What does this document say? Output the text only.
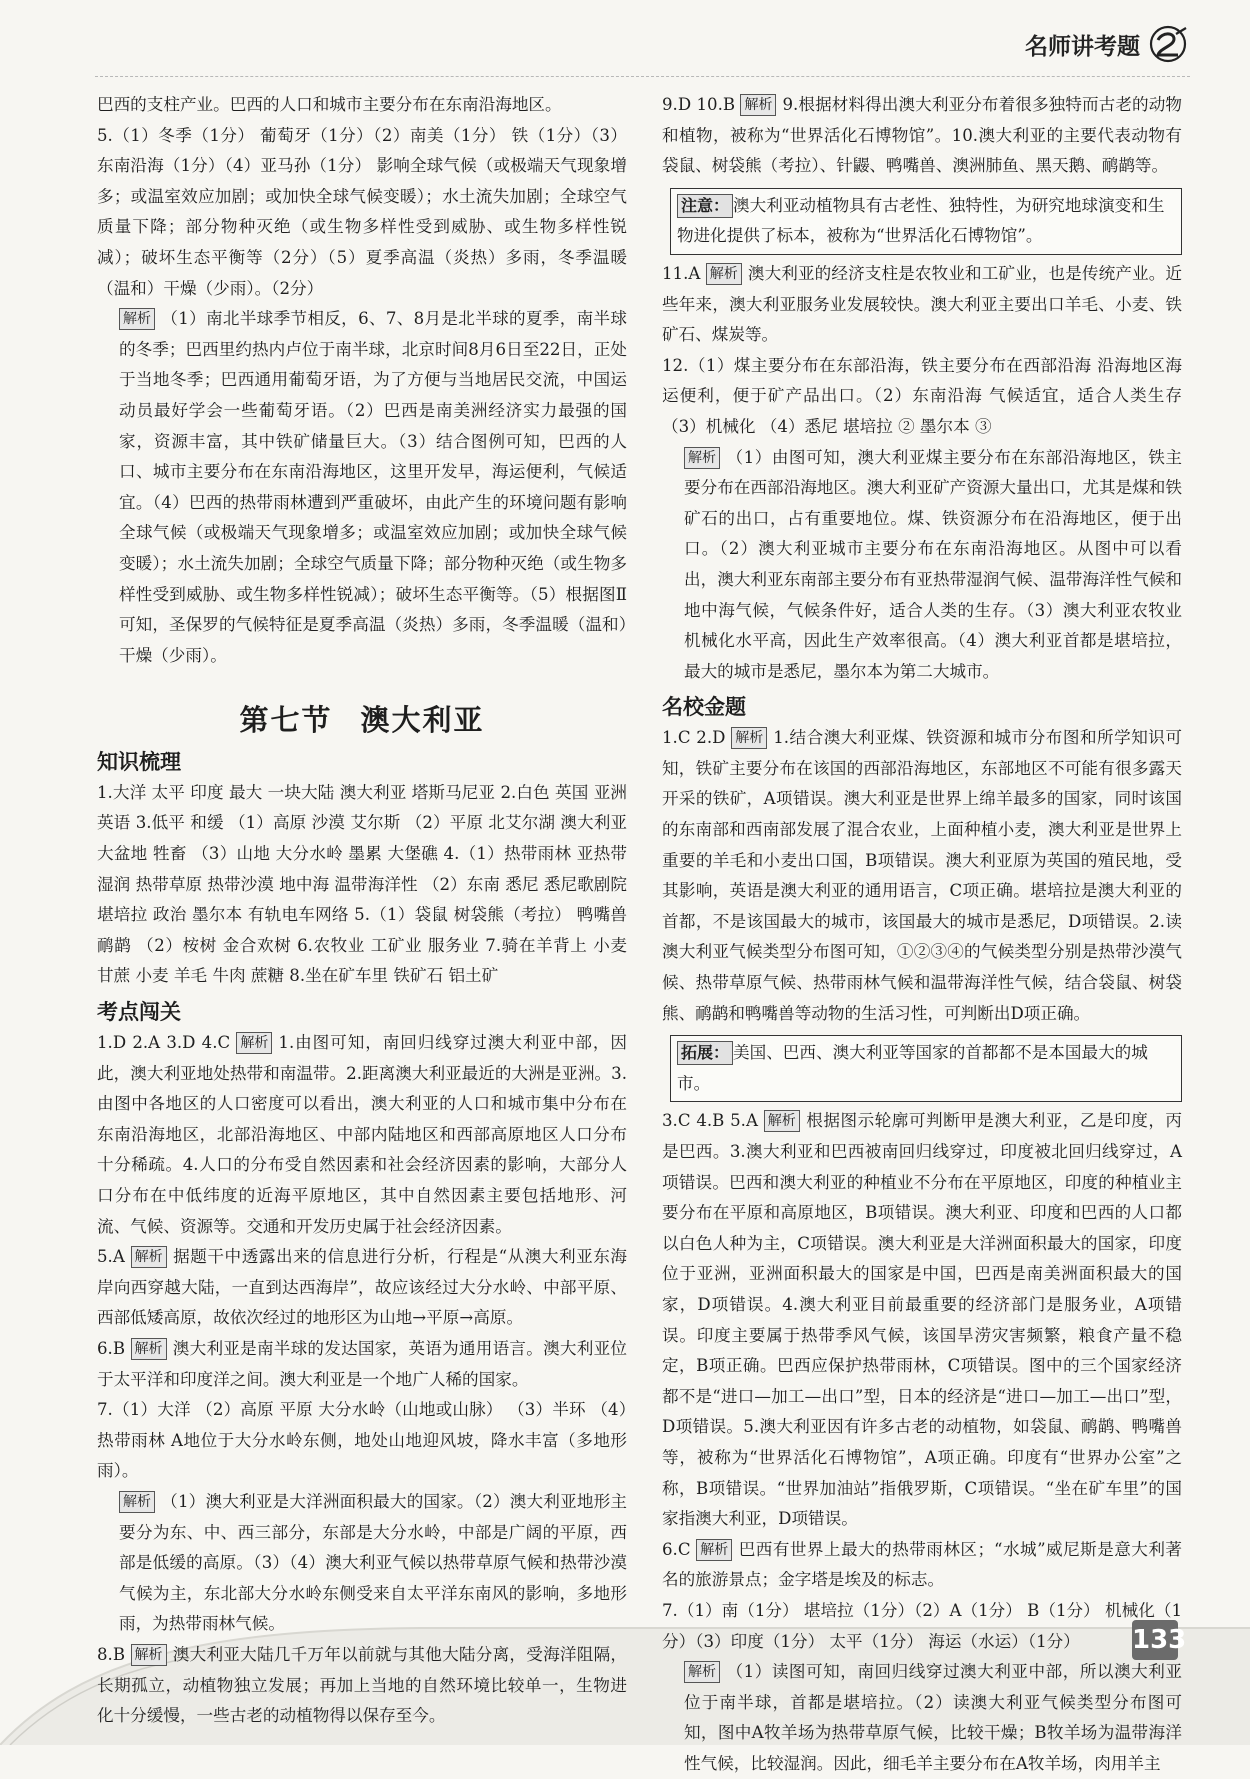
名师讲考题

巴西的支柱产业。巴西的人口和城市主要分布在东南沿海地区。

5.（1）冬季（1分） 葡萄牙（1分）（2）南美（1分） 铁（1分）（3）东南沿海（1分）（4）亚马孙（1分） 影响全球气候（或极端天气现象增多；或温室效应加剧；或加快全球气候变暖）；水土流失加剧；全球空气质量下降；部分物种灭绝（或生物多样性受到威胁、或生物多样性锐减）；破坏生态平衡等（2分）（5）夏季高温（炎热）多雨，冬季温暖（温和）干燥（少雨）。（2分）

解析 （1）南北半球季节相反，6、7、8月是北半球的夏季，南半球的冬季；巴西里约热内卢位于南半球，北京时间8月6日至22日，正处于当地冬季；巴西通用葡萄牙语，为了方便与当地居民交流，中国运动员最好学会一些葡萄牙语。（2）巴西是南美洲经济实力最强的国家，资源丰富，其中铁矿储量巨大。（3）结合图例可知，巴西的人口、城市主要分布在东南沿海地区，这里开发早，海运便利，气候适宜。（4）巴西的热带雨林遭到严重破坏，由此产生的环境问题有影响全球气候（或极端天气现象增多；或温室效应加剧；或加快全球气候变暖）；水土流失加剧；全球空气质量下降；部分物种灭绝（或生物多样性受到威胁、或生物多样性锐减）；破坏生态平衡等。（5）根据图Ⅱ可知，圣保罗的气候特征是夏季高温（炎热）多雨，冬季温暖（温和）干燥（少雨）。

第七节 澳大利亚
知识梳理

1.大洋 太平 印度 最大 一块大陆 澳大利亚 塔斯马尼亚 2.白色 英国 亚洲 英语 3.低平 和缓 （1）高原 沙漠 艾尔斯 （2）平原 北艾尔湖 澳大利亚大盆地 牲畜 （3）山地 大分水岭 墨累 大堡礁 4.（1）热带雨林 亚热带湿润 热带草原 热带沙漠 地中海 温带海洋性 （2）东南 悉尼 悉尼歌剧院 堪培拉 政治 墨尔本 有轨电车网络 5.（1）袋鼠 树袋熊（考拉） 鸭嘴兽 鸸鹋 （2）桉树 金合欢树 6.农牧业 工矿业 服务业 7.骑在羊背上 小麦 甘蔗 小麦 羊毛 牛肉 蔗糖 8.坐在矿车里 铁矿石 铝土矿

考点闯关

1.D 2.A 3.D 4.C 解析 1.由图可知，南回归线穿过澳大利亚中部，因此，澳大利亚地处热带和南温带。2.距离澳大利亚最近的大洲是亚洲。3.由图中各地区的人口密度可以看出，澳大利亚的人口和城市集中分布在东南沿海地区，北部沿海地区、中部内陆地区和西部高原地区人口分布十分稀疏。4.人口的分布受自然因素和社会经济因素的影响，大部分人口分布在中低纬度的近海平原地区，其中自然因素主要包括地形、河流、气候、资源等。交通和开发历史属于社会经济因素。

5.A 解析 据题干中透露出来的信息进行分析，行程是“从澳大利亚东海岸向西穿越大陆，一直到达西海岸”，故应该经过大分水岭、中部平原、西部低矮高原，故依次经过的地形区为山地→平原→高原。

6.B 解析 澳大利亚是南半球的发达国家，英语为通用语言。澳大利亚位于太平洋和印度洋之间。澳大利亚是一个地广人稀的国家。

7.（1）大洋 （2）高原 平原 大分水岭（山地或山脉） （3）半环 （4）热带雨林 A地位于大分水岭东侧，地处山地迎风坡，降水丰富（多地形雨）。

解析 （1）澳大利亚是大洋洲面积最大的国家。（2）澳大利亚地形主要分为东、中、西三部分，东部是大分水岭，中部是广阔的平原，西部是低缓的高原。（3）（4）澳大利亚气候以热带草原气候和热带沙漠气候为主，东北部大分水岭东侧受来自太平洋东南风的影响，多地形雨，为热带雨林气候。

8.B 解析 澳大利亚大陆几千万年以前就与其他大陆分离，受海洋阻隔，长期孤立，动植物独立发展；再加上当地的自然环境比较单一，生物进化十分缓慢，一些古老的动植物得以保存至今。

9.D 10.B 解析 9.根据材料得出澳大利亚分布着很多独特而古老的动物和植物，被称为“世界活化石博物馆”。10.澳大利亚的主要代表动物有袋鼠、树袋熊（考拉）、针鼹、鸭嘴兽、澳洲肺鱼、黑天鹅、鸸鹋等。

注意： 澳大利亚动植物具有古老性、独特性，为研究地球演变和生物进化提供了标本，被称为“世界活化石博物馆”。

11.A 解析 澳大利亚的经济支柱是农牧业和工矿业，也是传统产业。近些年来，澳大利亚服务业发展较快。澳大利亚主要出口羊毛、小麦、铁矿石、煤炭等。

12.（1）煤主要分布在东部沿海，铁主要分布在西部沿海 沿海地区海运便利，便于矿产品出口。（2）东南沿海 气候适宜，适合人类生存 （3）机械化 （4）悉尼 堪培拉 ② 墨尔本 ③

解析 （1）由图可知，澳大利亚煤主要分布在东部沿海地区，铁主要分布在西部沿海地区。澳大利亚矿产资源大量出口，尤其是煤和铁矿石的出口，占有重要地位。煤、铁资源分布在沿海地区，便于出口。（2）澳大利亚城市主要分布在东南沿海地区。从图中可以看出，澳大利亚东南部主要分布有亚热带湿润气候、温带海洋性气候和地中海气候，气候条件好，适合人类的生存。（3）澳大利亚农牧业机械化水平高，因此生产效率很高。（4）澳大利亚首都是堪培拉，最大的城市是悉尼，墨尔本为第二大城市。

名校金题

1.C 2.D 解析 1.结合澳大利亚煤、铁资源和城市分布图和所学知识可知，铁矿主要分布在该国的西部沿海地区，东部地区不可能有很多露天开采的铁矿，A项错误。澳大利亚是世界上绵羊最多的国家，同时该国的东南部和西南部发展了混合农业，上面种植小麦，澳大利亚是世界上重要的羊毛和小麦出口国，B项错误。澳大利亚原为英国的殖民地，受其影响，英语是澳大利亚的通用语言，C项正确。堪培拉是澳大利亚的首都，不是该国最大的城市，该国最大的城市是悉尼，D项错误。2.读澳大利亚气候类型分布图可知，①②③④的气候类型分别是热带沙漠气候、热带草原气候、热带雨林气候和温带海洋性气候，结合袋鼠、树袋熊、鸸鹋和鸭嘴兽等动物的生活习性，可判断出D项正确。

拓展： 美国、巴西、澳大利亚等国家的首都都不是本国最大的城市。

3.C 4.B 5.A 解析 根据图示轮廓可判断甲是澳大利亚，乙是印度，丙是巴西。3.澳大利亚和巴西被南回归线穿过，印度被北回归线穿过，A项错误。巴西和澳大利亚的种植业不分布在平原地区，印度的种植业主要分布在平原和高原地区，B项错误。澳大利亚、印度和巴西的人口都以白色人种为主，C项错误。澳大利亚是大洋洲面积最大的国家，印度位于亚洲，亚洲面积最大的国家是中国，巴西是南美洲面积最大的国家，D项错误。4.澳大利亚目前最重要的经济部门是服务业，A项错误。印度主要属于热带季风气候，该国旱涝灾害频繁，粮食产量不稳定，B项正确。巴西应保护热带雨林，C项错误。图中的三个国家经济都不是“进口—加工—出口”型，日本的经济是“进口—加工—出口”型，D项错误。5.澳大利亚因有许多古老的动植物，如袋鼠、鸸鹋、鸭嘴兽等，被称为“世界活化石博物馆”，A项正确。印度有“世界办公室”之称，B项错误。“世界加油站”指俄罗斯，C项错误。“坐在矿车里”的国家指澳大利亚，D项错误。

6.C 解析 巴西有世界上最大的热带雨林区；“水城”威尼斯是意大利著名的旅游景点；金字塔是埃及的标志。

7.（1）南（1分） 堪培拉（1分）（2）A（1分） B（1分） 机械化（1分）（3）印度（1分） 太平（1分） 海运（水运）（1分）

解析 （1）读图可知，南回归线穿过澳大利亚中部，所以澳大利亚位于南半球，首都是堪培拉。（2）读澳大利亚气候类型分布图可知，图中A牧羊场为热带草原气候，比较干燥；B牧羊场为温带海洋性气候，比较湿润。因此，细毛羊主要分布在A牧羊场，肉用羊主

133
